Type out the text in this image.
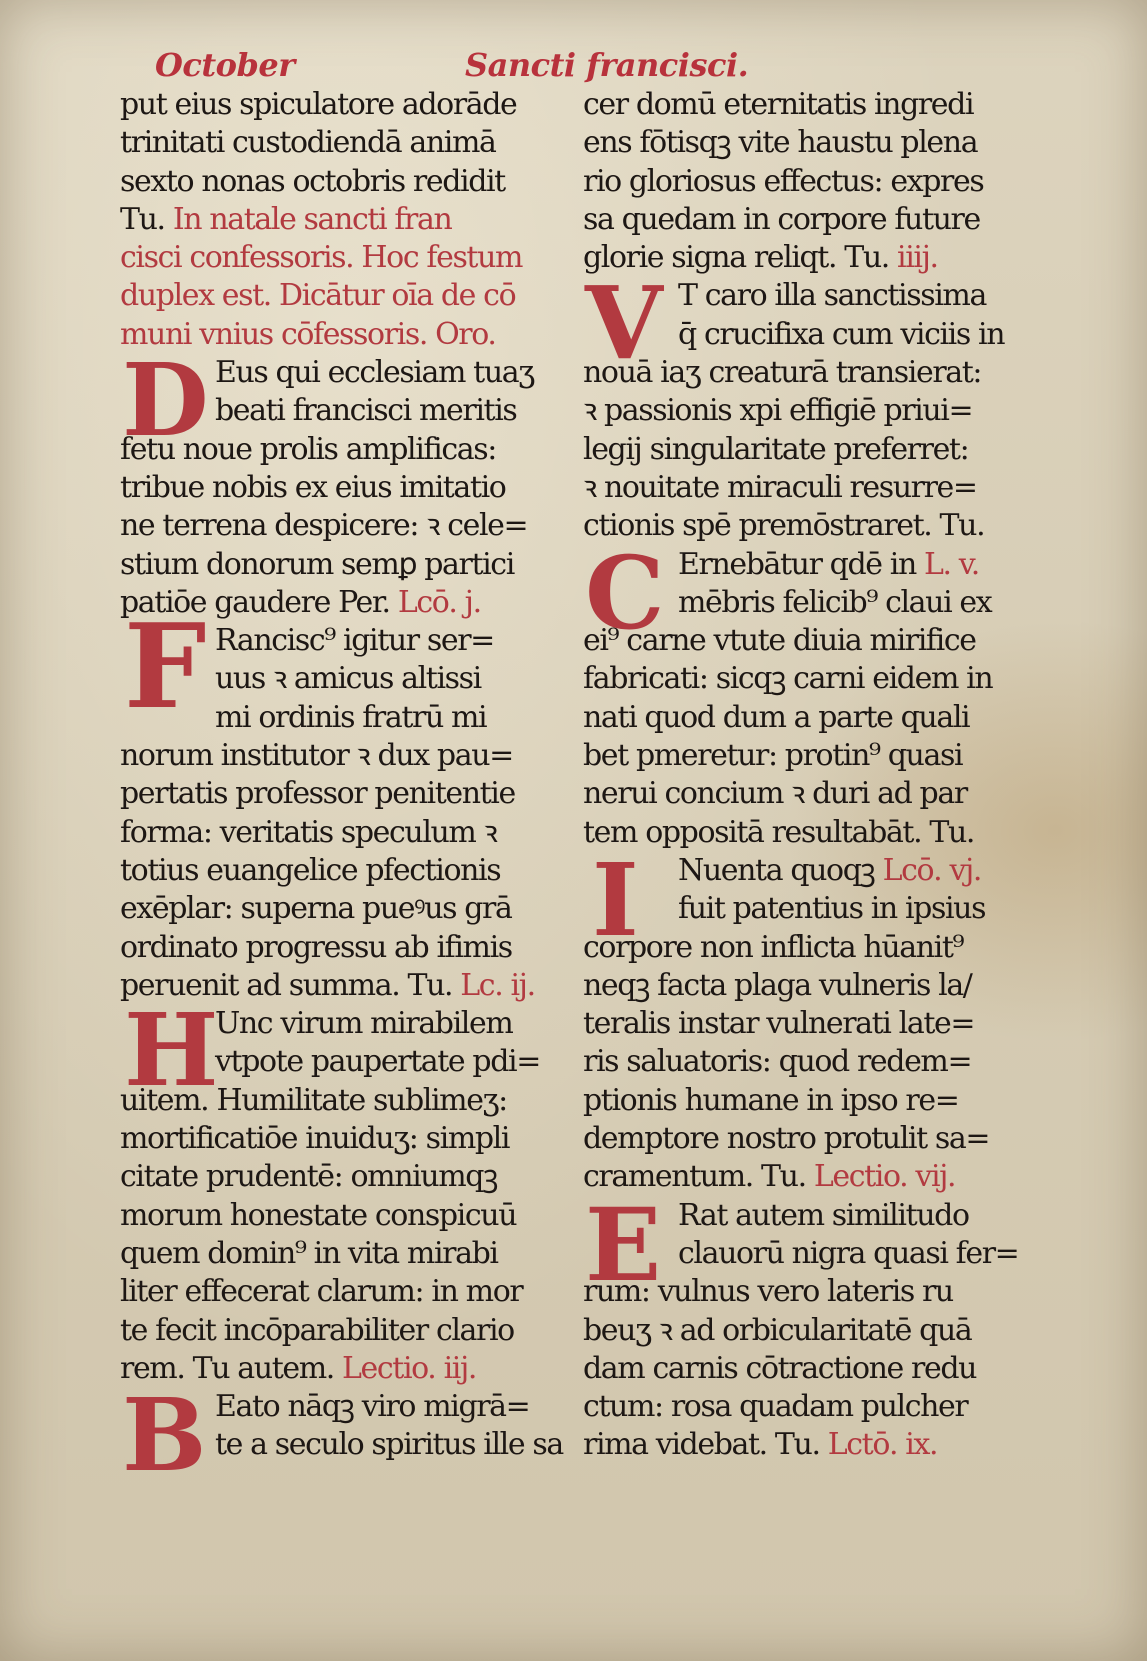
October	Sancti francisci.
put eius spiculatore adorāde
trinitati custodiendā animā
sexto nonas octobris redidit
Tu. In natale sancti fran
cisci confessoris. Hoc festum
duplex est. Dicātur oīa de cō
muni vnius cōfessoris. Oro.
Eus qui ecclesiam tuaʒ
beati francisci meritis
fetu noue prolis amplificas:
tribue nobis ex eius imitatio
ne terrena despicere: ꝛ cele=
stium donorum semꝑ partici
patiōe gaudere Per. Lcō. j.
Rancisc⁹ igitur ser=
uus ꝛ amicus altissi
mi ordinis fratrū mi
norum institutor ꝛ dux pau=
pertatis professor penitentie
forma: veritatis speculum ꝛ
totius euangelice pfectionis
exēplar: superna pueꝰus grā
ordinato progressu ab ifimis
peruenit ad summa. Tu. Lc. ij.
Unc virum mirabilem
vtpote paupertate pdi=
uitem. Humilitate sublimeʒ:
mortificatiōe inuiduʒ: simpli
citate prudentē: omniumqꝫ
morum honestate conspicuū
quem domin⁹ in vita mirabi
liter effecerat clarum: in mor
te fecit incōparabiliter clario
rem. Tu autem. Lectio. iij.
Eato nāqꝫ viro migrā=
te a seculo spiritus ille sa
cer domū eternitatis ingredi
ens fōtisqꝫ vite haustu plena
rio gloriosus effectus: expres
sa quedam in corpore future
glorie signa reliqt. Tu. iiij.
T caro illa sanctissima
q̄ crucifixa cum viciis in
nouā iaʒ creaturā transierat:
ꝛ passionis xpi effigiē priui=
legij singularitate preferret:
ꝛ nouitate miraculi resurre=
ctionis spē premōstraret. Tu.
Ernebātur qdē in L. v.
mēbris felicib⁹ claui ex
ei⁹ carne vtute diuia mirifice
fabricati: sicqꝫ carni eidem in
nati quod dum a parte quali
bet pmeretur: protin⁹ quasi
nerui concium ꝛ duri ad par
tem oppositā resultabāt. Tu.
Nuenta quoqꝫ Lcō. vj.
fuit patentius in ipsius
corpore non inflicta hūanit⁹
neqꝫ facta plaga vulneris la/
teralis instar vulnerati late=
ris saluatoris: quod redem=
ptionis humane in ipso re=
demptore nostro protulit sa=
cramentum. Tu. Lectio. vij.
Rat autem similitudo
clauorū nigra quasi fer=
rum: vulnus vero lateris ru
beuʒ ꝛ ad orbicularitatē quā
dam carnis cōtractione redu
ctum: rosa quadam pulcher
rima videbat. Tu. Lctō. ix.
D
F
H
B
V
C
I
E
